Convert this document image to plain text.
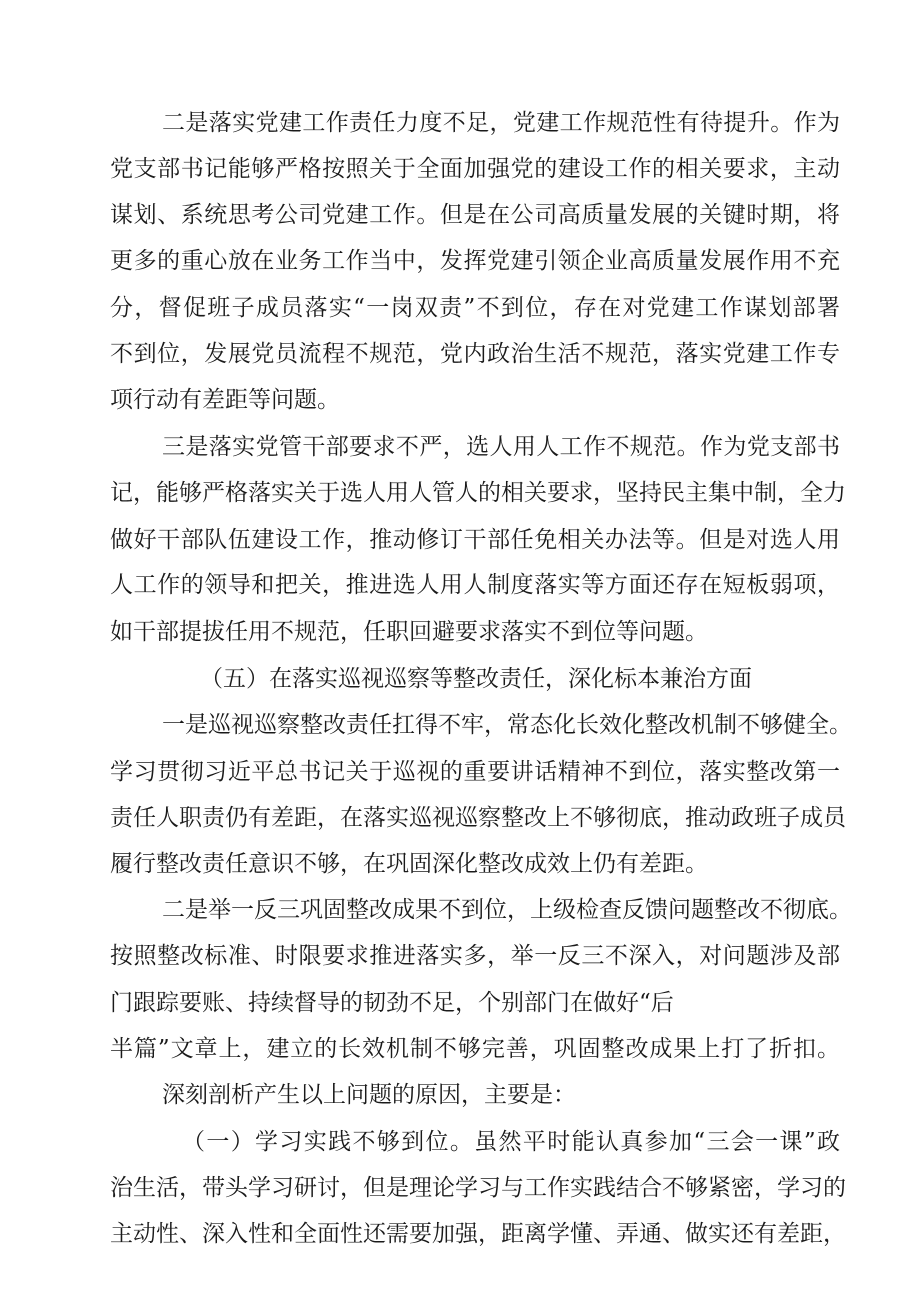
二是落实党建工作责任力度不足，党建工作规范性有待提升。作为
党支部书记能够严格按照关于全面加强党的建设工作的相关要求，主动
谋划、系统思考公司党建工作。但是在公司高质量发展的关键时期，将
更多的重心放在业务工作当中，发挥党建引领企业高质量发展作用不充
分，督促班子成员落实“一岗双责”不到位，存在对党建工作谋划部署
不到位，发展党员流程不规范，党内政治生活不规范，落实党建工作专
项行动有差距等问题。
三是落实党管干部要求不严，选人用人工作不规范。作为党支部书
记，能够严格落实关于选人用人管人的相关要求，坚持民主集中制，全力
做好干部队伍建设工作，推动修订干部任免相关办法等。但是对选人用
人工作的领导和把关，推进选人用人制度落实等方面还存在短板弱项，
如干部提拔任用不规范，任职回避要求落实不到位等问题。
（五）在落实巡视巡察等整改责任，深化标本兼治方面
一是巡视巡察整改责任扛得不牢，常态化长效化整改机制不够健全。
学习贯彻习近平总书记关于巡视的重要讲话精神不到位，落实整改第一
责任人职责仍有差距，在落实巡视巡察整改上不够彻底，推动政班子成员
履行整改责任意识不够，在巩固深化整改成效上仍有差距。
二是举一反三巩固整改成果不到位，上级检查反馈问题整改不彻底。
按照整改标准、时限要求推进落实多，举一反三不深入，对问题涉及部
门跟踪要账、持续督导的韧劲不足，个别部门在做好“后
半篇”文章上，建立的长效机制不够完善，巩固整改成果上打了折扣。
深刻剖析产生以上问题的原因，主要是：
（一）学习实践不够到位。虽然平时能认真参加“三会一课”政
治生活，带头学习研讨，但是理论学习与工作实践结合不够紧密，学习的
主动性、深入性和全面性还需要加强，距离学懂、弄通、做实还有差距，
